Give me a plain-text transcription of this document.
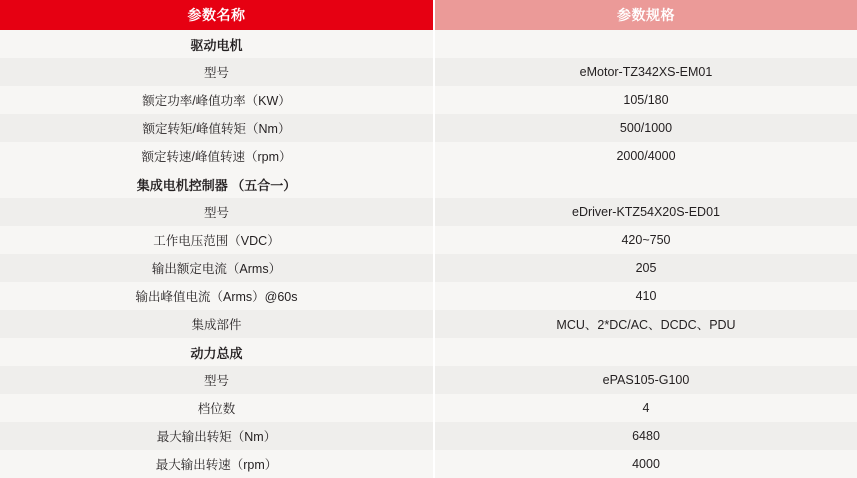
参数名称	参数规格
驱动电机	
型号	eMotor-TZ342XS-EM01
额定功率/峰值功率（KW）	105/180
额定转矩/峰值转矩（Nm）	500/1000
额定转速/峰值转速（rpm）	2000/4000
集成电机控制器 （五合一）	
型号	eDriver-KTZ54X20S-ED01
工作电压范围（VDC）	420~750
输出额定电流（Arms）	205
输出峰值电流（Arms）@60s	410
集成部件	MCU、2*DC/AC、DCDC、PDU
动力总成	
型号	ePAS105-G100
档位数	4
最大输出转矩（Nm）	6480
最大输出转速（rpm）	4000
